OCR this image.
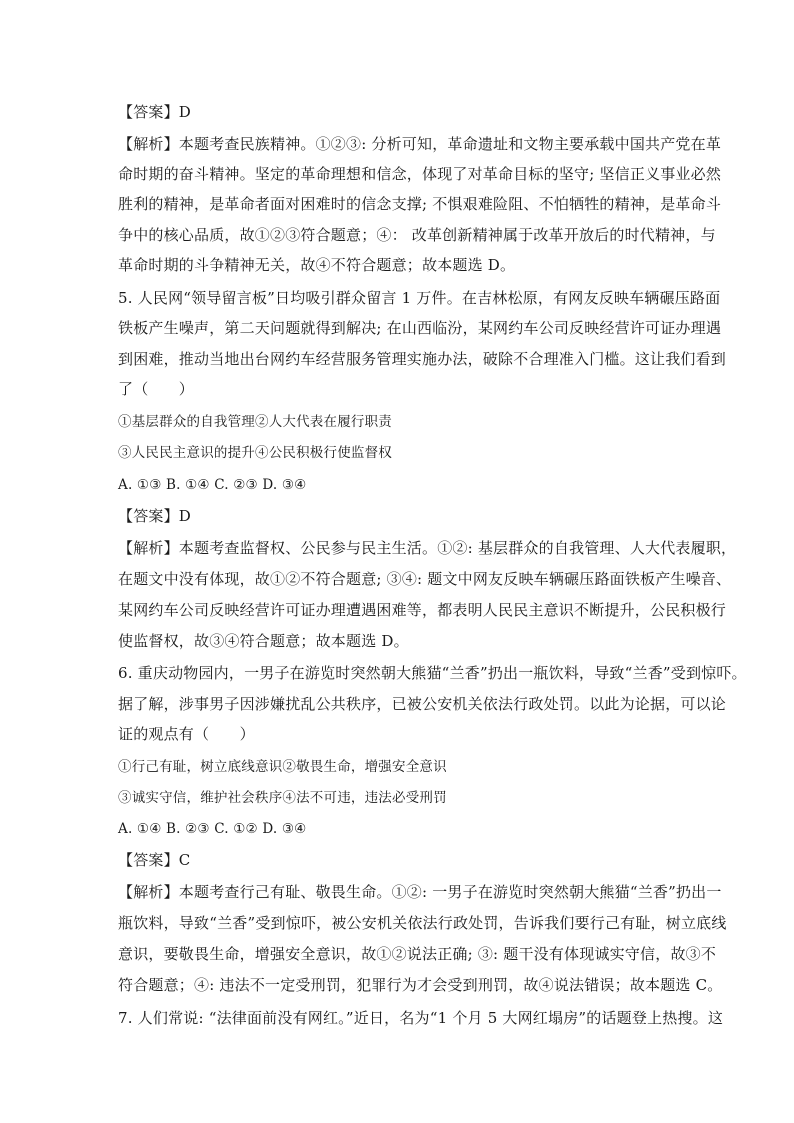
【答案】D
【解析】本题考查民族精神。①②③: 分析可知，革命遗址和文物主要承载中国共产党在革
命时期的奋斗精神。坚定的革命理想和信念，体现了对革命目标的坚守; 坚信正义事业必然
胜利的精神，是革命者面对困难时的信念支撑; 不惧艰难险阻、不怕牺牲的精神，是革命斗
争中的核心品质，故①②③符合题意；④： 改革创新精神属于改革开放后的时代精神，与
革命时期的斗争精神无关，故④不符合题意；故本题选 D。
5. 人民网“领导留言板”日均吸引群众留言 1 万件。在吉林松原，有网友反映车辆碾压路面
铁板产生噪声，第二天问题就得到解决; 在山西临汾，某网约车公司反映经营许可证办理遇
到困难，推动当地出台网约车经营服务管理实施办法，破除不合理准入门槛。这让我们看到
了（　　）
①基层群众的自我管理②人大代表在履行职责
③人民民主意识的提升④公民积极行使监督权
A. ①③ B. ①④ C. ②③ D. ③④
【答案】D
【解析】本题考查监督权、公民参与民主生活。①②: 基层群众的自我管理、人大代表履职，
在题文中没有体现，故①②不符合题意; ③④: 题文中网友反映车辆碾压路面铁板产生噪音、
某网约车公司反映经营许可证办理遭遇困难等，都表明人民民主意识不断提升，公民积极行
使监督权，故③④符合题意；故本题选 D。
6. 重庆动物园内，一男子在游览时突然朝大熊猫“兰香”扔出一瓶饮料，导致“兰香”受到惊吓。
据了解，涉事男子因涉嫌扰乱公共秩序，已被公安机关依法行政处罚。以此为论据，可以论
证的观点有（　　）
①行己有耻，树立底线意识②敬畏生命，增强安全意识
③诚实守信，维护社会秩序④法不可违，违法必受刑罚
A. ①④ B. ②③ C. ①② D. ③④
【答案】C
【解析】本题考查行己有耻、敬畏生命。①②: 一男子在游览时突然朝大熊猫“兰香”扔出一
瓶饮料，导致“兰香”受到惊吓，被公安机关依法行政处罚，告诉我们要行己有耻，树立底线
意识，要敬畏生命，增强安全意识，故①②说法正确; ③: 题干没有体现诚实守信，故③不
符合题意；④: 违法不一定受刑罚，犯罪行为才会受到刑罚，故④说法错误；故本题选 C。
7. 人们常说: “法律面前没有网红。”近日，名为“1 个月 5 大网红塌房”的话题登上热搜。这
